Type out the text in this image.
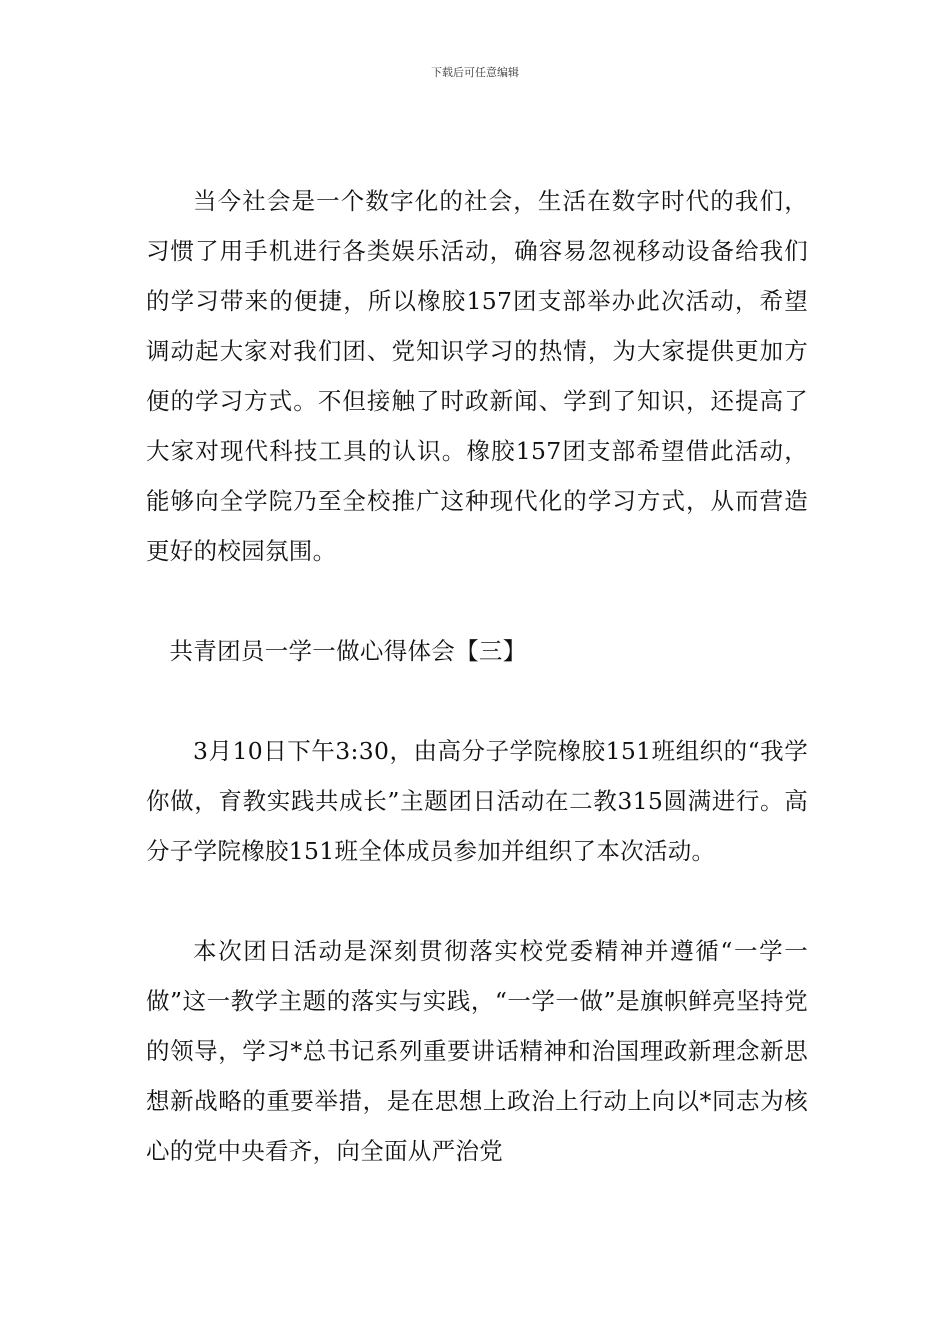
下载后可任意编辑

当今社会是一个数字化的社会，生活在数字时代的我们，习惯了用手机进行各类娱乐活动，确容易忽视移动设备给我们的学习带来的便捷，所以橡胶157团支部举办此次活动，希望调动起大家对我们团、党知识学习的热情，为大家提供更加方便的学习方式。不但接触了时政新闻、学到了知识，还提高了大家对现代科技工具的认识。橡胶157团支部希望借此活动，能够向全学院乃至全校推广这种现代化的学习方式，从而营造更好的校园氛围。

共青团员一学一做心得体会【三】

3月10日下午3:30，由高分子学院橡胶151班组织的“我学你做，育教实践共成长”主题团日活动在二教315圆满进行。高分子学院橡胶151班全体成员参加并组织了本次活动。

本次团日活动是深刻贯彻落实校党委精神并遵循“一学一做”这一教学主题的落实与实践，“一学一做”是旗帜鲜亮坚持党的领导，学习*总书记系列重要讲话精神和治国理政新理念新思想新战略的重要举措，是在思想上政治上行动上向以*同志为核心的党中央看齐，向全面从严治党
